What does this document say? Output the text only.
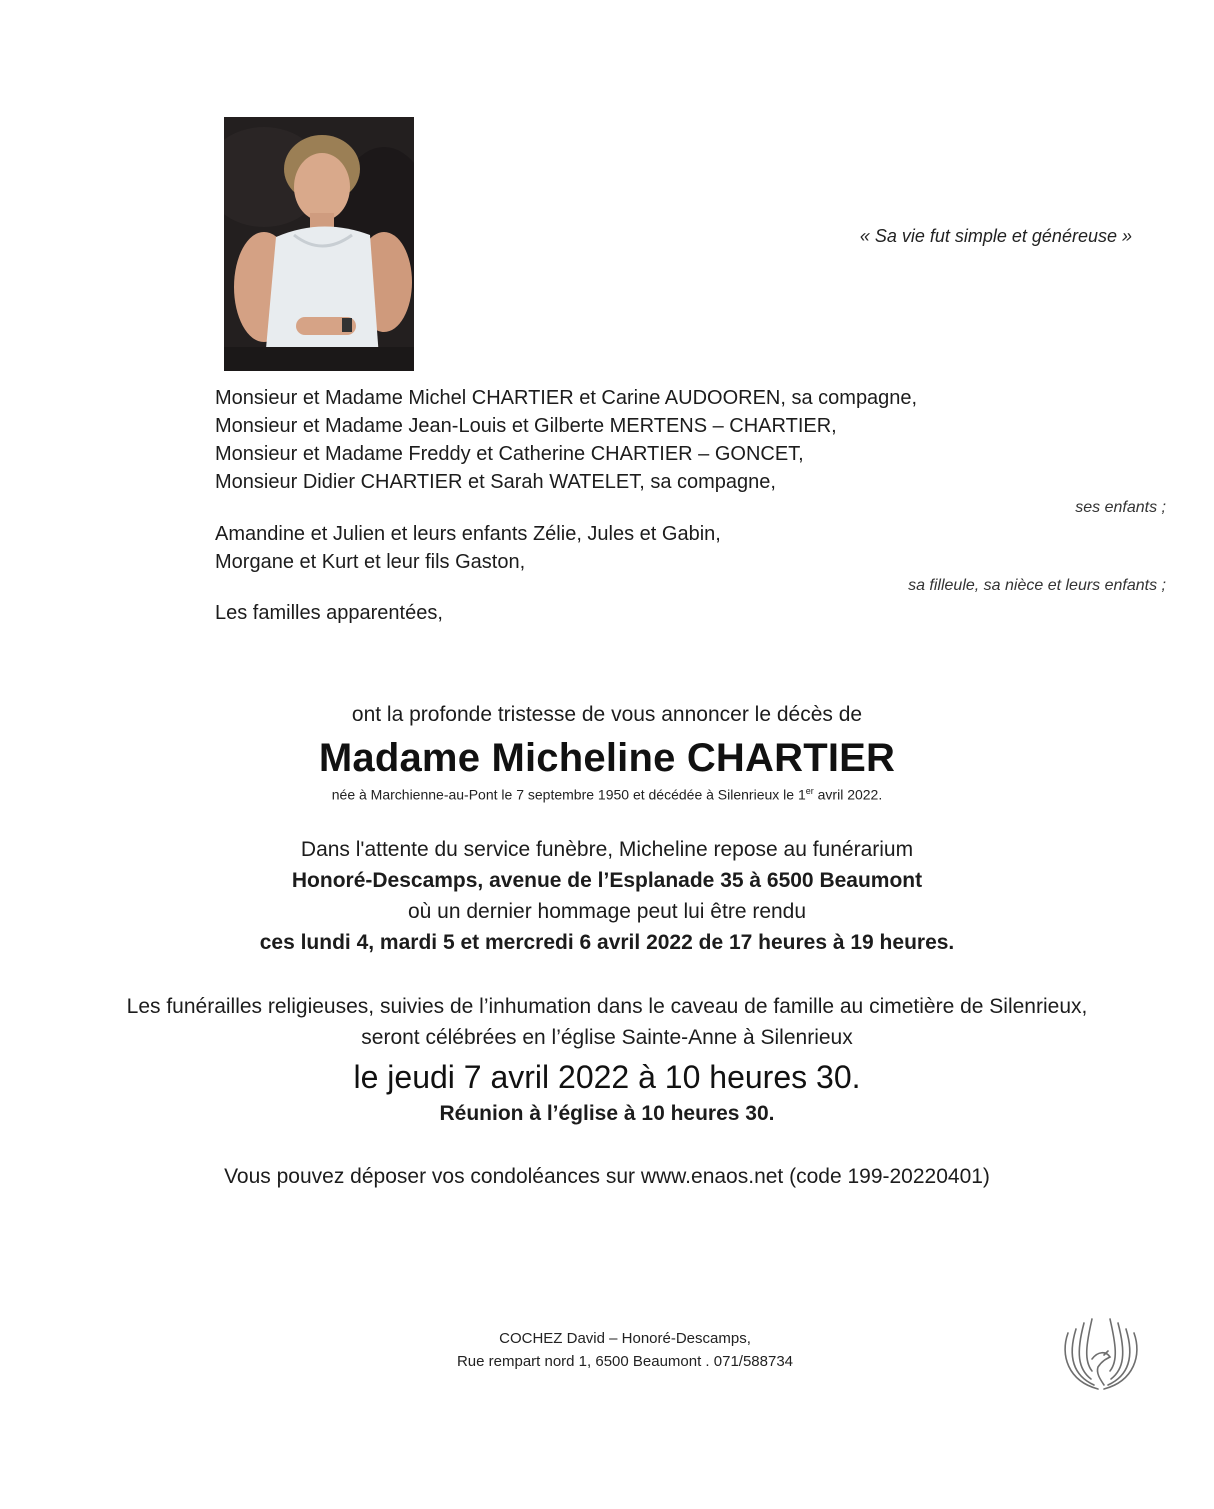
« Sa vie fut simple et généreuse »
Monsieur et Madame Michel CHARTIER et Carine AUDOOREN, sa compagne,
Monsieur et Madame Jean-Louis et Gilberte MERTENS – CHARTIER,
Monsieur et Madame Freddy et Catherine CHARTIER – GONCET,
Monsieur Didier CHARTIER et Sarah WATELET, sa compagne,
ses enfants ;
Amandine et Julien et leurs enfants Zélie, Jules et Gabin,
Morgane et Kurt et leur fils Gaston,
sa filleule, sa nièce et leurs enfants ;
Les familles apparentées,
ont la profonde tristesse de vous annoncer le décès de
Madame Micheline CHARTIER
née à Marchienne-au-Pont le 7 septembre 1950 et décédée à Silenrieux le 1er avril 2022.
Dans l'attente du service funèbre, Micheline repose au funérarium
Honoré-Descamps, avenue de l’Esplanade 35 à 6500 Beaumont
où un dernier hommage peut lui être rendu
ces lundi 4, mardi 5 et mercredi 6 avril 2022 de 17 heures à 19 heures.
Les funérailles religieuses, suivies de l’inhumation dans le caveau de famille au cimetière de Silenrieux,
seront célébrées en l’église Sainte-Anne à Silenrieux
le jeudi 7 avril 2022 à 10 heures 30.
Réunion à l’église à 10 heures 30.
Vous pouvez déposer vos condoléances sur www.enaos.net (code 199-20220401)
COCHEZ David – Honoré-Descamps,
Rue rempart nord 1, 6500 Beaumont . 071/588734
